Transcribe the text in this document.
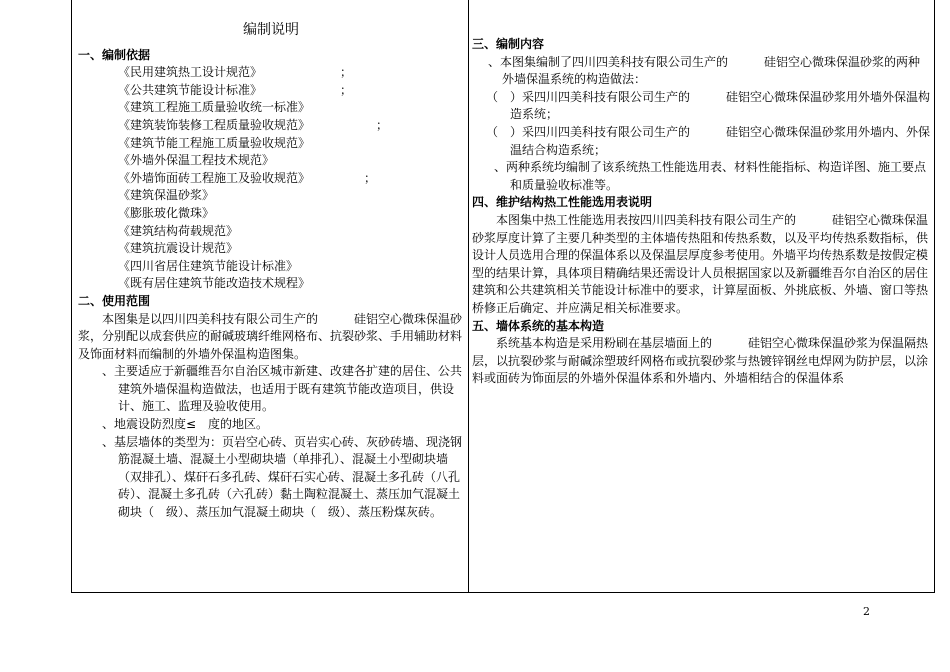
编制说明
一、编制依据
《民用建筑热工设计规范》　　　　　　　；
《公共建筑节能设计标准》　　　　　　　；
《建筑工程施工质量验收统一标准》
《建筑装饰装修工程质量验收规范》　　　　　　；
《建筑节能工程施工质量验收规范》
《外墙外保温工程技术规范》
《外墙饰面砖工程施工及验收规范》　　　　　；
《建筑保温砂浆》
《膨胀玻化微珠》
《建筑结构荷载规范》
《建筑抗震设计规范》
《四川省居住建筑节能设计标准》
《既有居住建筑节能改造技术规程》
二、使用范围
本图集是以四川四美科技有限公司生产的　　　硅铝空心微珠保温砂浆，分别配以成套供应的耐碱玻璃纤维网格布、抗裂砂浆、手用辅助材料及饰面材料而编制的外墙外保温构造图集。
、主要适应于新疆维吾尔自治区城市新建、改建各扩建的居住、公共建筑外墙保温构造做法，也适用于既有建筑节能改造项目，供设计、施工、监理及验收使用。
、地震设防烈度≤　度的地区。
、基层墙体的类型为：页岩空心砖、页岩实心砖、灰砂砖墙、现浇钢筋混凝土墙、混凝土小型砌块墙（单排孔）、混凝土小型砌块墙（双排孔）、煤矸石多孔砖、煤矸石实心砖、混凝土多孔砖（八孔砖）、混凝土多孔砖（六孔砖）黏土陶粒混凝土、蒸压加气混凝土砌块（　级）、蒸压加气混凝土砌块（　级）、蒸压粉煤灰砖。
三、编制内容
、本图集编制了四川四美科技有限公司生产的　　　硅铝空心微珠保温砂浆的两种外墙保温系统的构造做法：
（　）采四川四美科技有限公司生产的　　　硅铝空心微珠保温砂浆用外墙外保温构造系统；
（　）采四川四美科技有限公司生产的　　　硅铝空心微珠保温砂浆用外墙内、外保温结合构造系统；
、两种系统均编制了该系统热工性能选用表、材料性能指标、构造详图、施工要点和质量验收标准等。
四、维护结构热工性能选用表说明
本图集中热工性能选用表按四川四美科技有限公司生产的　　　硅铝空心微珠保温砂浆厚度计算了主要几种类型的主体墙传热阻和传热系数，以及平均传热系数指标，供设计人员选用合理的保温体系以及保温层厚度参考使用。外墙平均传热系数是按假定模型的结果计算，具体项目精确结果还需设计人员根据国家以及新疆维吾尔自治区的居住建筑和公共建筑相关节能设计标准中的要求，计算屋面板、外挑底板、外墙、窗口等热桥修正后确定、并应满足相关标准要求。
五、墙体系统的基本构造
系统基本构造是采用粉刷在基层墙面上的　　　硅铝空心微珠保温砂浆为保温隔热层，以抗裂砂浆与耐碱涂塑玻纤网格布或抗裂砂浆与热镀锌钢丝电焊网为防护层，以涂料或面砖为饰面层的外墙外保温体系和外墙内、外墙相结合的保温体系
2
